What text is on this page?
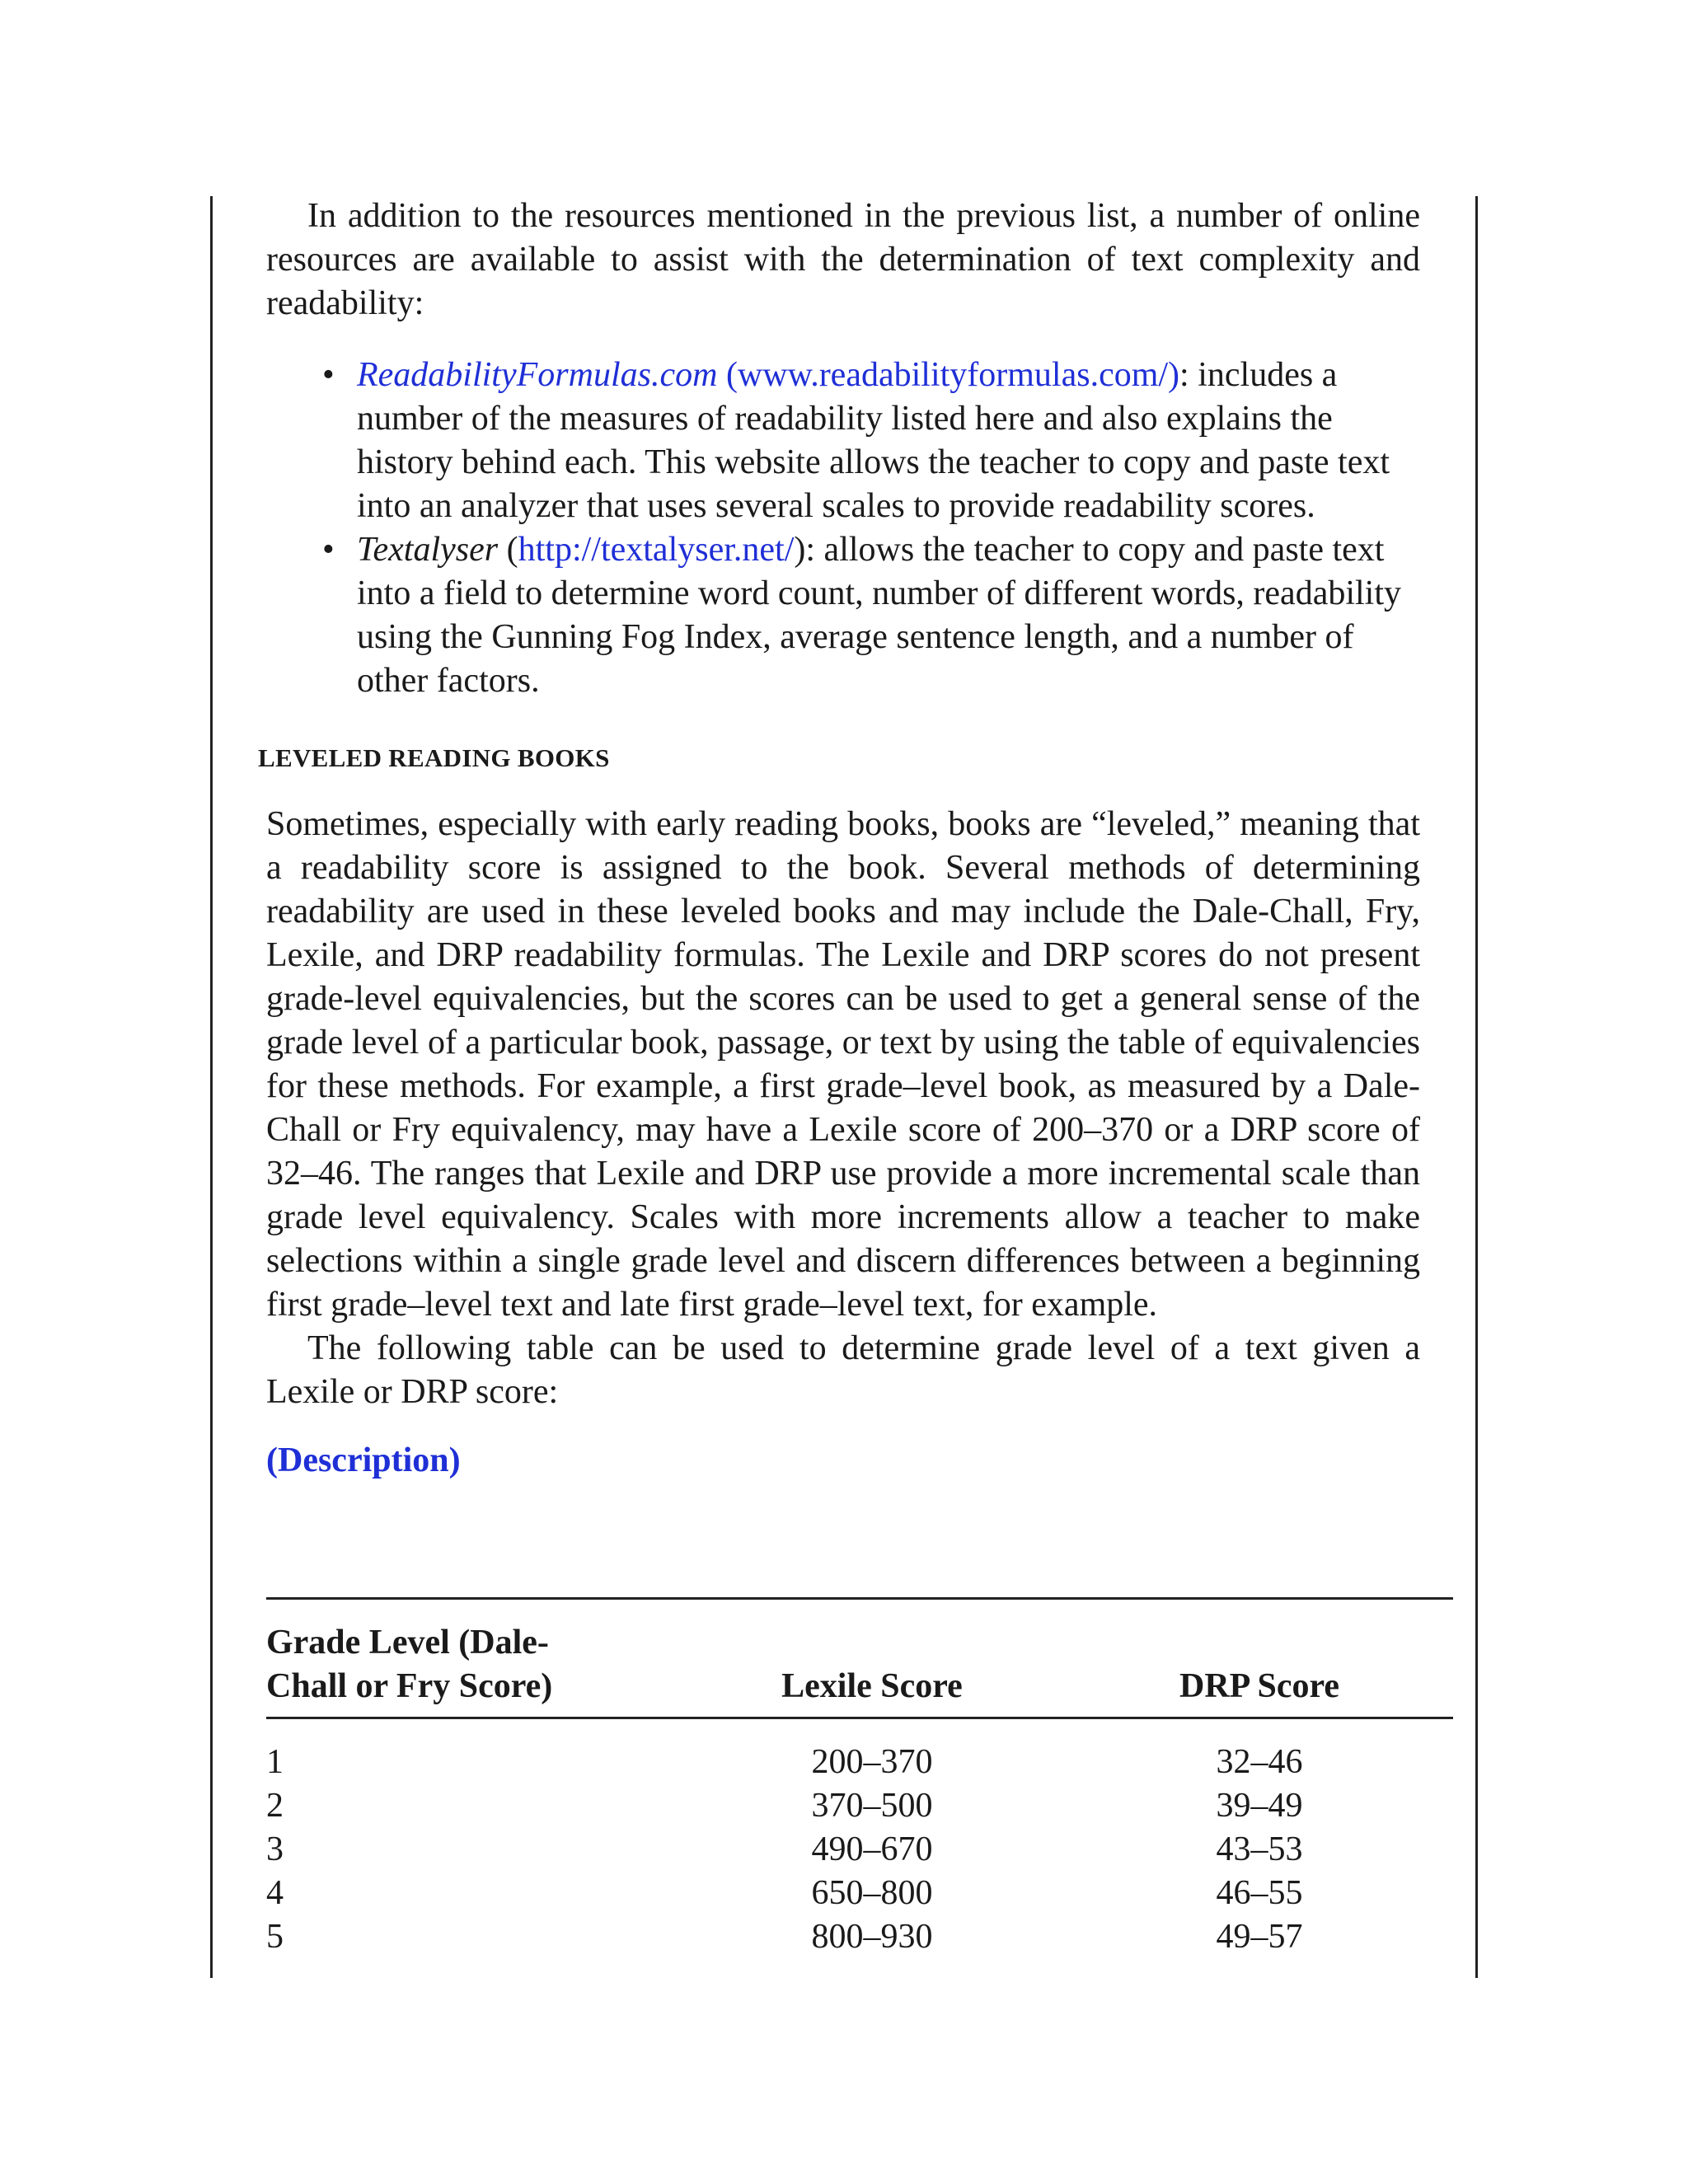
In addition to the resources mentioned in the previous list, a number of online resources are available to assist with the determination of text complexity and readability:

• ReadabilityFormulas.com (www.readabilityformulas.com/): includes a number of the measures of readability listed here and also explains the history behind each. This website allows the teacher to copy and paste text into an analyzer that uses several scales to provide readability scores.
• Textalyser (http://textalyser.net/): allows the teacher to copy and paste text into a field to determine word count, number of different words, readability using the Gunning Fog Index, average sentence length, and a number of other factors.
LEVELED READING BOOKS

Sometimes, especially with early reading books, books are “leveled,” meaning that a readability score is assigned to the book. Several methods of determining readability are used in these leveled books and may include the Dale-Chall, Fry, Lexile, and DRP readability formulas. The Lexile and DRP scores do not present grade-level equivalencies, but the scores can be used to get a general sense of the grade level of a particular book, passage, or text by using the table of equivalencies for these methods. For example, a first grade–level book, as measured by a Dale-Chall or Fry equivalency, may have a Lexile score of 200–370 or a DRP score of 32–46. The ranges that Lexile and DRP use provide a more incremental scale than grade level equivalency. Scales with more increments allow a teacher to make selections within a single grade level and discern differences between a beginning first grade–level text and late first grade–level text, for example.

The following table can be used to determine grade level of a text given a Lexile or DRP score:

(Description)
Grade Level (Dale-
Chall or Fry Score)	Lexile Score	DRP Score
1	200–370	32–46
2	370–500	39–49
3	490–670	43–53
4	650–800	46–55
5	800–930	49–57
